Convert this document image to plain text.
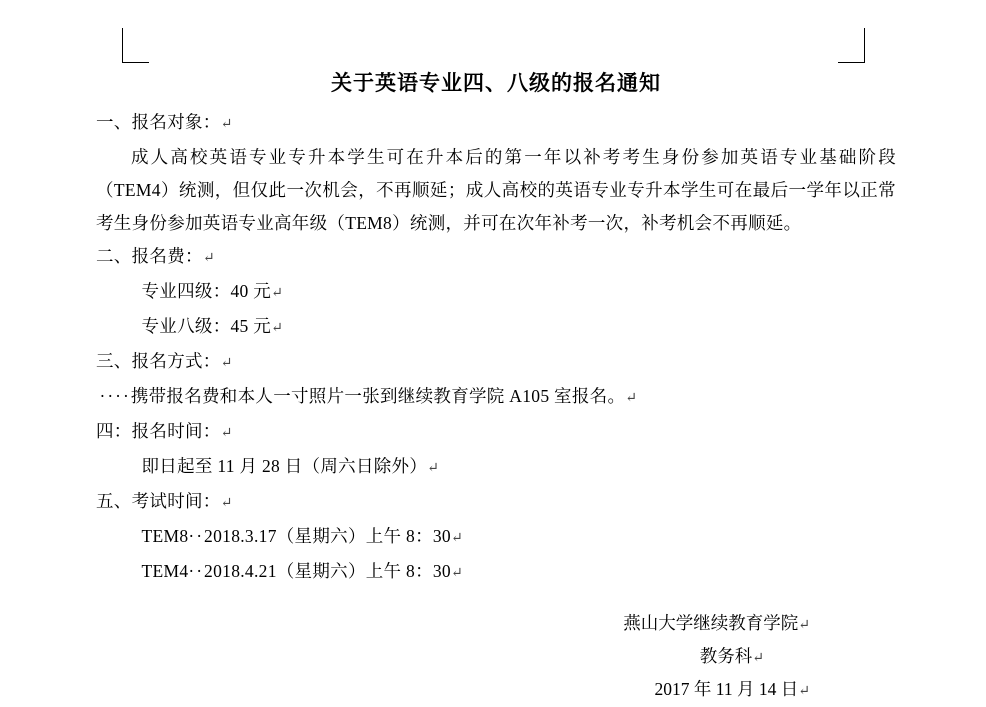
关于英语专业四、八级的报名通知

一、报名对象：↵

成人高校英语专业专升本学生可在升本后的第一年以补考考生身份参加英语专业基础阶段（TEM4）统测，但仅此一次机会，不再顺延；成人高校的英语专业专升本学生可在最后一学年以正常考生身份参加英语专业高年级（TEM8）统测，并可在次年补考一次，补考机会不再顺延。

二、报名费：↵

专业四级：40 元↵

专业八级：45 元↵

三、报名方式：↵

····携带报名费和本人一寸照片一张到继续教育学院 A105 室报名。↵

四：报名时间：↵

即日起至 11 月 28 日（周六日除外）↵

五、考试时间：↵

TEM8··2018.3.17（星期六）上午 8：30↵

TEM4··2018.4.21（星期六）上午 8：30↵

燕山大学继续教育学院↵
教务科↵
2017 年 11 月 14 日↵
